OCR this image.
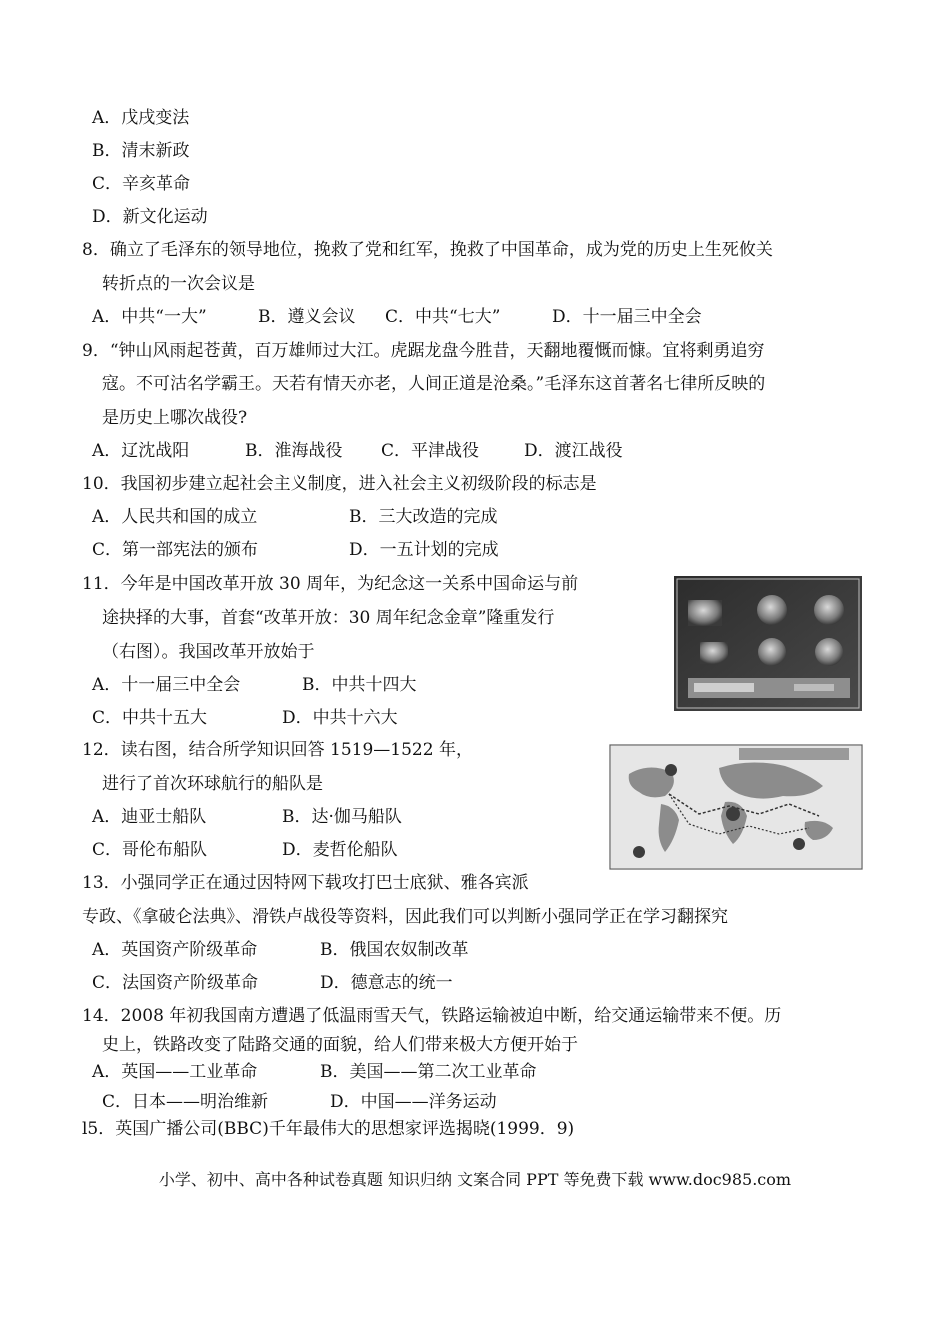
A．戊戌变法
B．清末新政
C．辛亥革命
D．新文化运动
8．确立了毛泽东的领导地位，挽救了党和红军，挽救了中国革命，成为党的历史上生死攸关
转折点的一次会议是
A．中共“一大”	B．遵义会议 C．中共“七大”	D．十一届三中全会
9．“钟山风雨起苍黄，百万雄师过大江。虎踞龙盘今胜昔，天翻地覆慨而慷。宜将剩勇追穷
寇。不可沽名学霸王。天若有情天亦老，人间正道是沧桑。”毛泽东这首著名七律所反映的
是历史上哪次战役?
A．辽沈战阳	B．淮海战役 C．平津战役	D．渡江战役
10．我国初步建立起社会主义制度，进入社会主义初级阶段的标志是
A．人民共和国的成立	B．三大改造的完成
C．第一部宪法的颁布	D．一五计划的完成
11．今年是中国改革开放 30 周年，为纪念这一关系中国命运与前
途抉择的大事，首套“改革开放：30 周年纪念金章”隆重发行
（右图）。我国改革开放始于
A．十一届三中全会	B．中共十四大
C．中共十五大	D．中共十六大
12．读右图，结合所学知识回答 1519—1522 年，
进行了首次环球航行的船队是
A．迪亚士船队	B．达·伽马船队
C．哥伦布船队	D．麦哲伦船队
13．小强同学正在通过因特网下载攻打巴士底狱、雅各宾派
专政、《拿破仑法典》、滑铁卢战役等资料，因此我们可以判断小强同学正在学习翻探究
A．英国资产阶级革命	B．俄国农奴制改革
C．法国资产阶级革命	D．德意志的统一
14．2008 年初我国南方遭遇了低温雨雪天气，铁路运输被迫中断，给交通运输带来不便。历
史上，铁路改变了陆路交通的面貌，给人们带来极大方便开始于
A．英国——工业革命	B．美国——第二次工业革命
C．日本——明治维新	D．中国——洋务运动
l5．英国广播公司(BBC)千年最伟大的思想家评选揭晓(1999．9)
小学、初中、高中各种试卷真题 知识归纳 文案合同 PPT 等免费下载 www.doc985.com
